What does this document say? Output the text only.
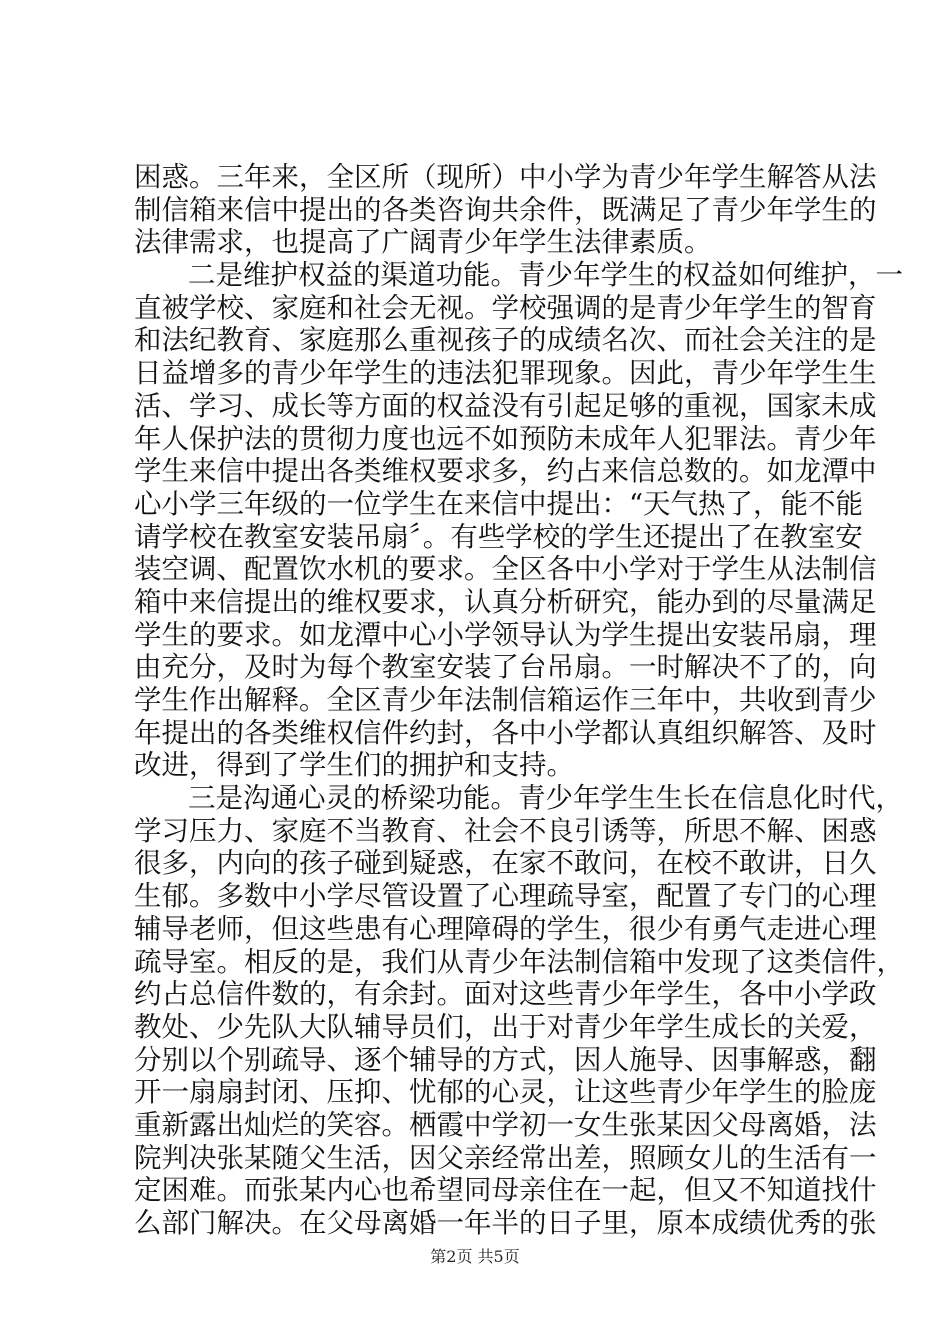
困惑。三年来，全区所（现所）中小学为青少年学生解答从法
制信箱来信中提出的各类咨询共余件，既满足了青少年学生的
法律需求，也提高了广阔青少年学生法律素质。
二是维护权益的渠道功能。青少年学生的权益如何维护，一
直被学校、家庭和社会无视。学校强调的是青少年学生的智育
和法纪教育、家庭那么重视孩子的成绩名次、而社会关注的是
日益增多的青少年学生的违法犯罪现象。因此，青少年学生生
活、学习、成长等方面的权益没有引起足够的重视，国家未成
年人保护法的贯彻力度也远不如预防未成年人犯罪法。青少年
学生来信中提出各类维权要求多，约占来信总数的。如龙潭中
心小学三年级的一位学生在来信中提出：“天气热了，能不能
请学校在教室安装吊扇〞。有些学校的学生还提出了在教室安
装空调、配置饮水机的要求。全区各中小学对于学生从法制信
箱中来信提出的维权要求，认真分析研究，能办到的尽量满足
学生的要求。如龙潭中心小学领导认为学生提出安装吊扇，理
由充分，及时为每个教室安装了台吊扇。一时解决不了的，向
学生作出解释。全区青少年法制信箱运作三年中，共收到青少
年提出的各类维权信件约封，各中小学都认真组织解答、及时
改进，得到了学生们的拥护和支持。
三是沟通心灵的桥梁功能。青少年学生生长在信息化时代，
学习压力、家庭不当教育、社会不良引诱等，所思不解、困惑
很多，内向的孩子碰到疑惑，在家不敢问，在校不敢讲，日久
生郁。多数中小学尽管设置了心理疏导室，配置了专门的心理
辅导老师，但这些患有心理障碍的学生，很少有勇气走进心理
疏导室。相反的是，我们从青少年法制信箱中发现了这类信件，
约占总信件数的，有余封。面对这些青少年学生，各中小学政
教处、少先队大队辅导员们，出于对青少年学生成长的关爱，
分别以个别疏导、逐个辅导的方式，因人施导、因事解惑，翻
开一扇扇封闭、压抑、忧郁的心灵，让这些青少年学生的脸庞
重新露出灿烂的笑容。栖霞中学初一女生张某因父母离婚，法
院判决张某随父生活，因父亲经常出差，照顾女儿的生活有一
定困难。而张某内心也希望同母亲住在一起，但又不知道找什
么部门解决。在父母离婚一年半的日子里，原本成绩优秀的张
第2页 共5页
